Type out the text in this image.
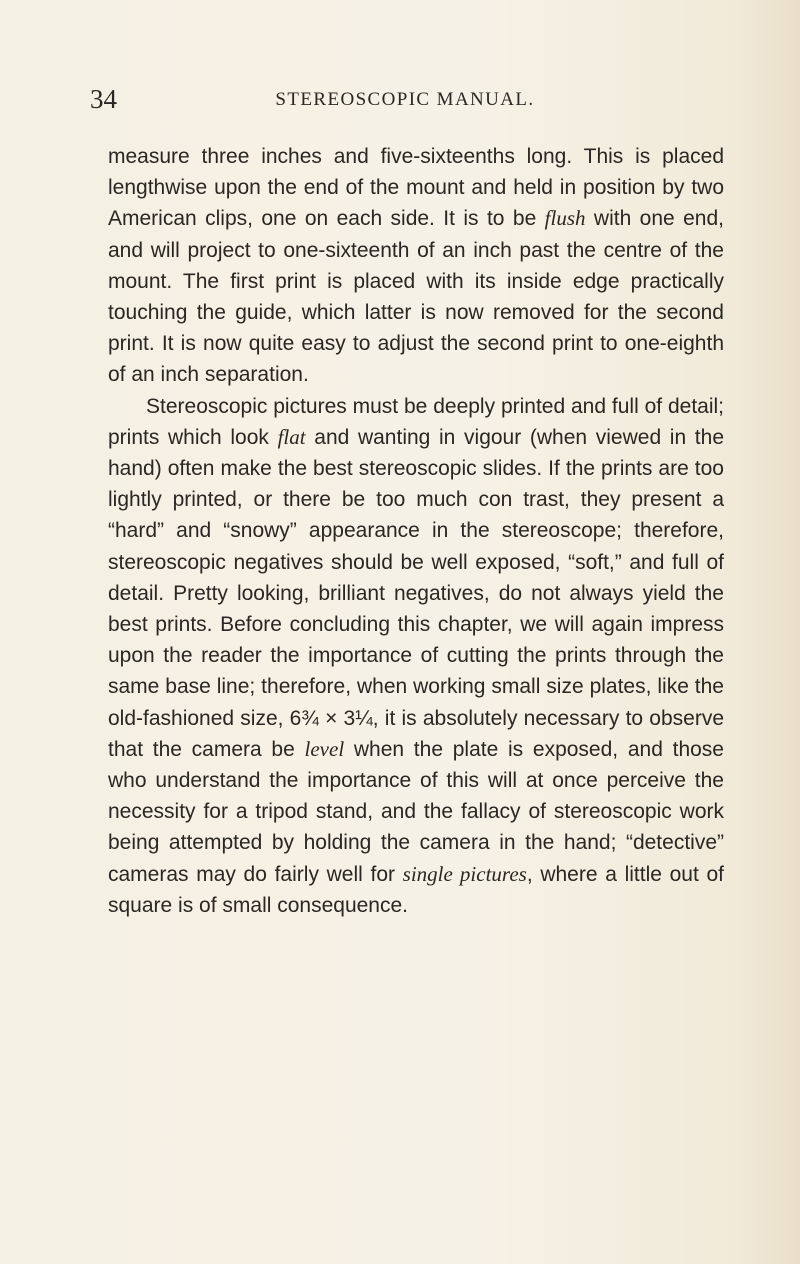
34	STEREOSCOPIC MANUAL.

measure three inches and five-sixteenths long. This is placed lengthwise upon the end of the mount and held in position by two American clips, one on each side. It is to be flush with one end, and will project to one-sixteenth of an inch past the centre of the mount. The first print is placed with its inside edge practically touching the guide, which latter is now removed for the second print. It is now quite easy to adjust the second print to one-eighth of an inch separation.

Stereoscopic pictures must be deeply printed and full of detail; prints which look flat and wanting in vigour (when viewed in the hand) often make the best stereoscopic slides. If the prints are too lightly printed, or there be too much con trast, they present a “hard” and “snowy” appearance in the stereoscope; therefore, stereoscopic negatives should be well exposed, “soft,” and full of detail. Pretty looking, brilliant negatives, do not always yield the best prints. Before concluding this chapter, we will again impress upon the reader the importance of cutting the prints through the same base line; therefore, when working small size plates, like the old-fashioned size, 6¾ × 3¼, it is absolutely necessary to observe that the camera be level when the plate is exposed, and those who understand the importance of this will at once perceive the necessity for a tripod stand, and the fallacy of stereoscopic work being attempted by holding the camera in the hand; “detective” cameras may do fairly well for single pictures, where a little out of square is of small consequence.
